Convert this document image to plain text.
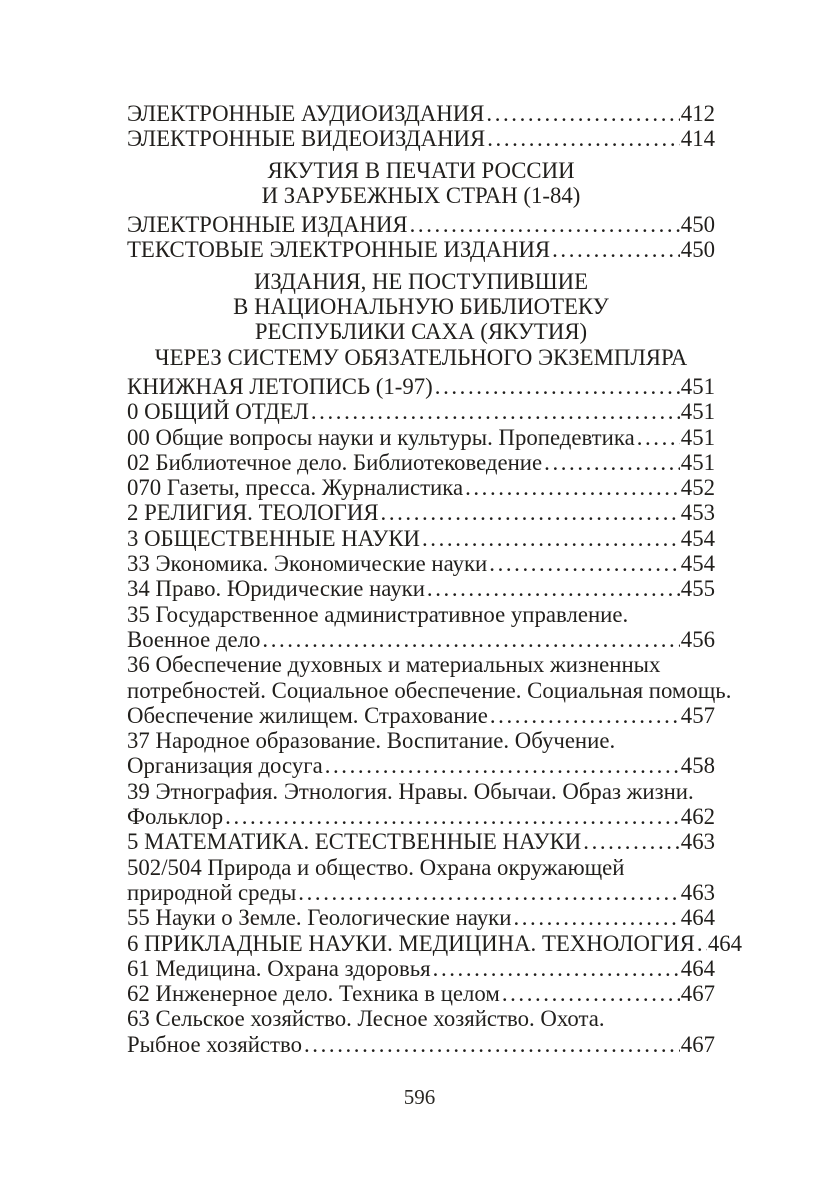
ЭЛЕКТРОННЫЕ АУДИОИЗДАНИЯ .....	412
ЭЛЕКТРОННЫЕ ВИДЕОИЗДАНИЯ .....	414
ЯКУТИЯ В ПЕЧАТИ РОССИИ
И ЗАРУБЕЖНЫХ СТРАН (1-84)
ЭЛЕКТРОННЫЕ ИЗДАНИЯ .....	450
ТЕКСТОВЫЕ ЭЛЕКТРОННЫЕ ИЗДАНИЯ .....	450
ИЗДАНИЯ, НЕ ПОСТУПИВШИЕ
В НАЦИОНАЛЬНУЮ БИБЛИОТЕКУ
РЕСПУБЛИКИ САХА (ЯКУТИЯ)
ЧЕРЕЗ СИСТЕМУ ОБЯЗАТЕЛЬНОГО ЭКЗЕМПЛЯРА
КНИЖНАЯ ЛЕТОПИСЬ (1-97) .....	451
0 ОБЩИЙ ОТДЕЛ .....	451
00 Общие вопросы науки и культуры. Пропедевтика ..... 451
02 Библиотечное дело. Библиотековедение .....	451
070 Газеты, пресса. Журналистика .....	452
2 РЕЛИГИЯ. ТЕОЛОГИЯ .....	453
3 ОБЩЕСТВЕННЫЕ НАУКИ .....	454
33 Экономика. Экономические науки .....	454
34 Право. Юридические науки .....	455
35 Государственное административное управление.
Военное дело .....	456
36 Обеспечение духовных и материальных жизненных
потребностей. Социальное обеспечение. Социальная помощь.
Обеспечение жилищем. Страхование .....	457
37 Народное образование. Воспитание. Обучение.
Организация досуга .....	458
39 Этнография. Этнология. Нравы. Обычаи. Образ жизни.
Фольклор .....	462
5 МАТЕМАТИКА. ЕСТЕСТВЕННЫЕ НАУКИ .....	463
502/504 Природа и общество. Охрана окружающей
природной среды .....	463
55 Науки о Земле. Геологические науки .....	464
6 ПРИКЛАДНЫЕ НАУКИ. МЕДИЦИНА. ТЕХНОЛОГИЯ ..... 464
61 Медицина. Охрана здоровья .....	464
62 Инженерное дело. Техника в целом .....	467
63 Сельское хозяйство. Лесное хозяйство. Охота.
Рыбное хозяйство .....	467
596
